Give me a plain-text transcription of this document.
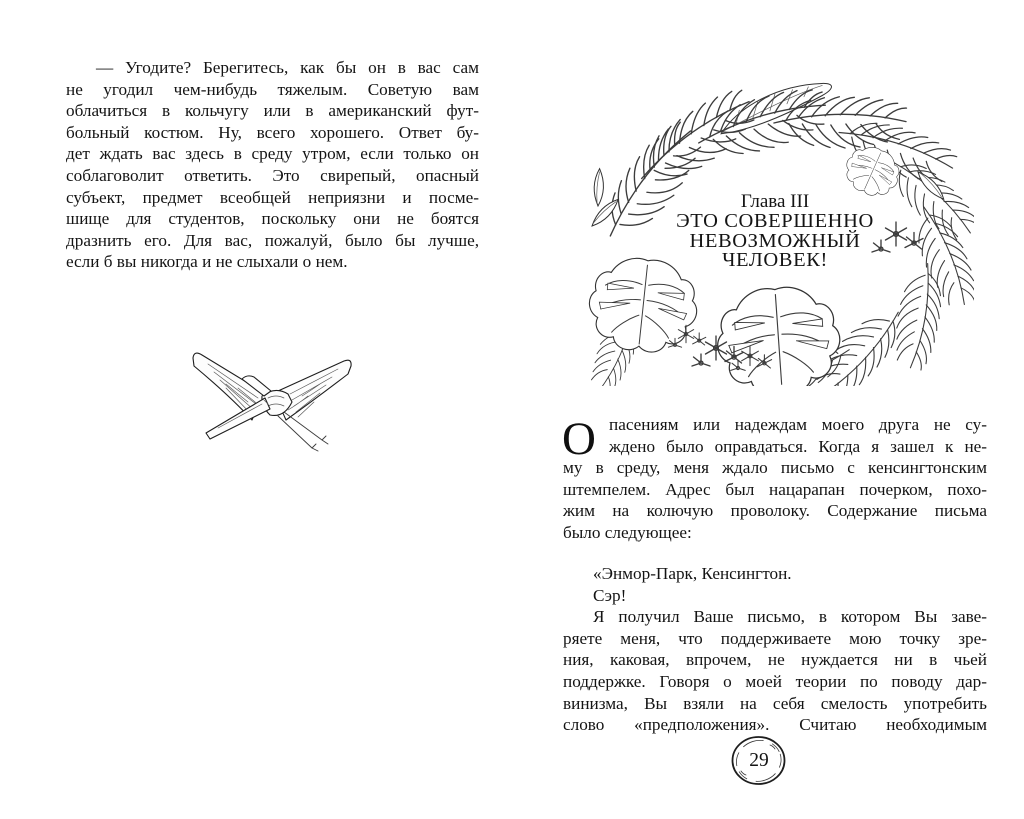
— Угодите? Берегитесь, как бы он в вас сам
не угодил чем-нибудь тяжелым. Советую вам
облачиться в кольчугу или в американский фут-
больный костюм. Ну, всего хорошего. Ответ бу-
дет ждать вас здесь в среду утром, если только он
соблаговолит ответить. Это свирепый, опасный
субъект, предмет всеобщей неприязни и посме-
шище для студентов, поскольку они не боятся
дразнить его. Для вас, пожалуй, было бы лучше,
если б вы никогда и не слыхали о нем.
Глава III
ЭТО СОВЕРШЕННО
НЕВОЗМОЖНЫЙ
ЧЕЛОВЕК!
О пасениям или надеждам моего друга не су-
ждено было оправдаться. Когда я зашел к не-
му в среду, меня ждало письмо с кенсингтонским
штемпелем. Адрес был нацарапан почерком, похо-
жим на колючую проволоку. Содержание письма
было следующее:
«Энмор-Парк, Кенсингтон.
Сэр!
Я получил Ваше письмо, в котором Вы заве-
ряете меня, что поддерживаете мою точку зре-
ния, каковая, впрочем, не нуждается ни в чьей
поддержке. Говоря о моей теории по поводу дар-
винизма, Вы взяли на себя смелость употребить
слово «предположения». Считаю необходимым
29
